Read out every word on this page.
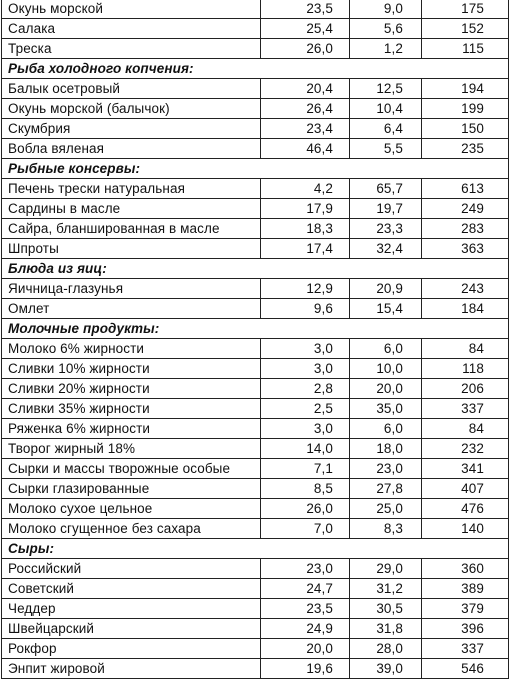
Окунь морской	23,5	9,0	175
Салака	25,4	5,6	152
Треска	26,0	1,2	115
Рыба холодного копчения:			
Балык осетровый	20,4	12,5	194
Окунь морской (балычок)	26,4	10,4	199
Скумбрия	23,4	6,4	150
Вобла вяленая	46,4	5,5	235
Рыбные консервы:			
Печень трески натуральная	4,2	65,7	613
Сардины в масле	17,9	19,7	249
Сайра, бланшированная в масле	18,3	23,3	283
Шпроты	17,4	32,4	363
Блюда из яиц:			
Яичница-глазунья	12,9	20,9	243
Омлет	9,6	15,4	184
Молочные продукты:			
Молоко 6% жирности	3,0	6,0	84
Сливки 10% жирности	3,0	10,0	118
Сливки 20% жирности	2,8	20,0	206
Сливки 35% жирности	2,5	35,0	337
Ряженка 6% жирности	3,0	6,0	84
Творог жирный 18%	14,0	18,0	232
Сырки и массы творожные особые	7,1	23,0	341
Сырки глазированные	8,5	27,8	407
Молоко сухое цельное	26,0	25,0	476
Молоко сгущенное без сахара	7,0	8,3	140
Сыры:			
Российский	23,0	29,0	360
Советский	24,7	31,2	389
Чеддер	23,5	30,5	379
Швейцарский	24,9	31,8	396
Рокфор	20,0	28,0	337
Энпит жировой	19,6	39,0	546
